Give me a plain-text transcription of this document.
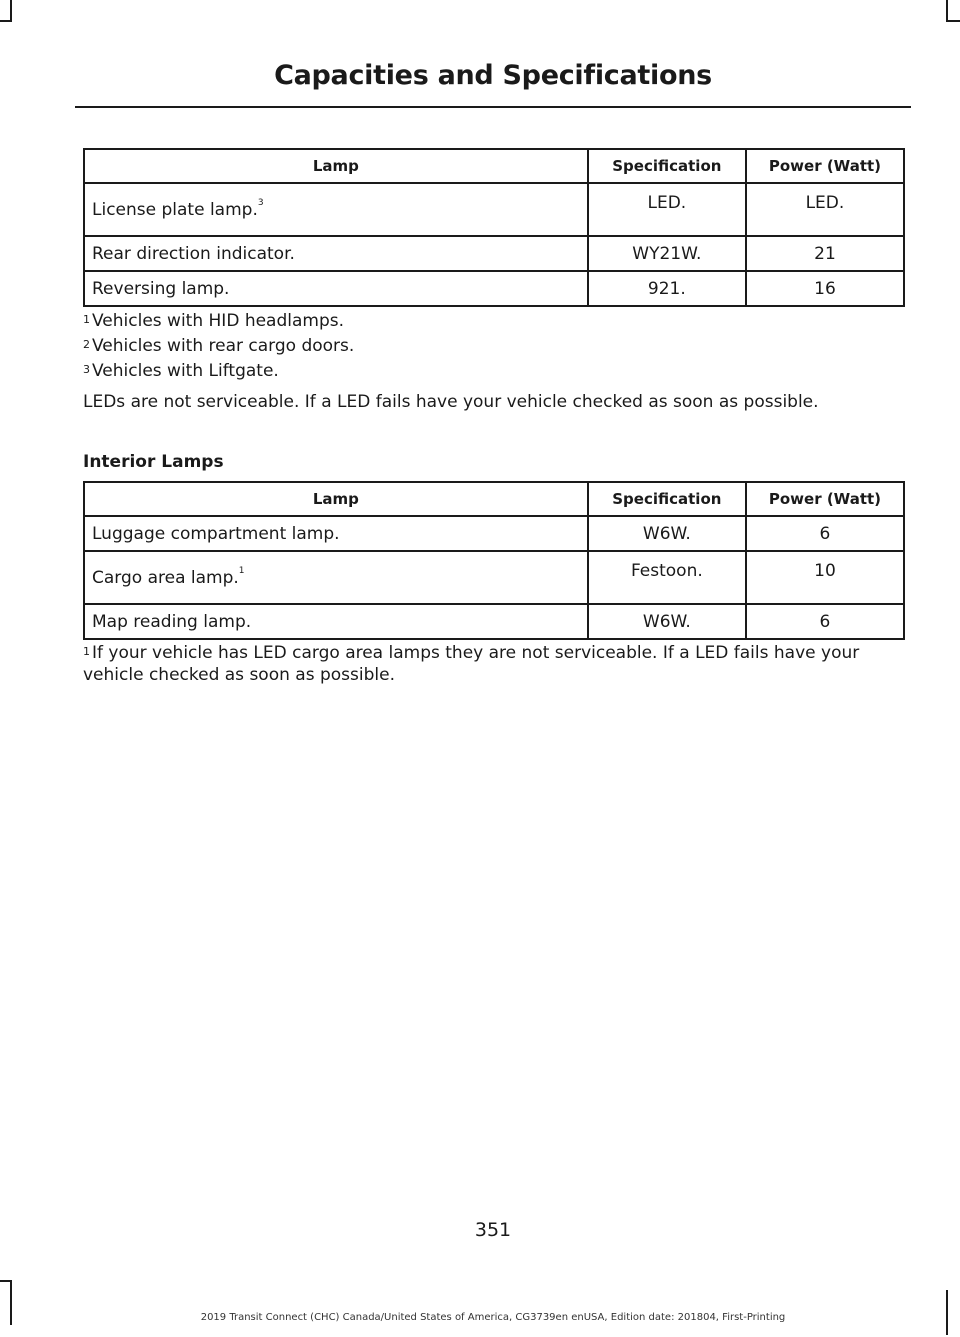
Capacities and Specifications
Lamp	Specification	Power (Watt)
License plate lamp.$^3$	LED.	LED.
Rear direction indicator.	WY21W.	21
Reversing lamp.	921.	16
$^1$ Vehicles with HID headlamps.
$^2$ Vehicles with rear cargo doors.
$^3$ Vehicles with Liftgate.
LEDs are not serviceable. If a LED fails have your vehicle checked as soon as possible.
Interior Lamps
Lamp	Specification	Power (Watt)
Luggage compartment lamp.	W6W.	6
Cargo area lamp.$^1$	Festoon.	10
Map reading lamp.	W6W.	6
$^1$ If your vehicle has LED cargo area lamps they are not serviceable. If a LED fails have your vehicle checked as soon as possible.
351
2019 Transit Connect (CHC) Canada/United States of America, CG3739en enUSA, Edition date: 201804, First-Printing
